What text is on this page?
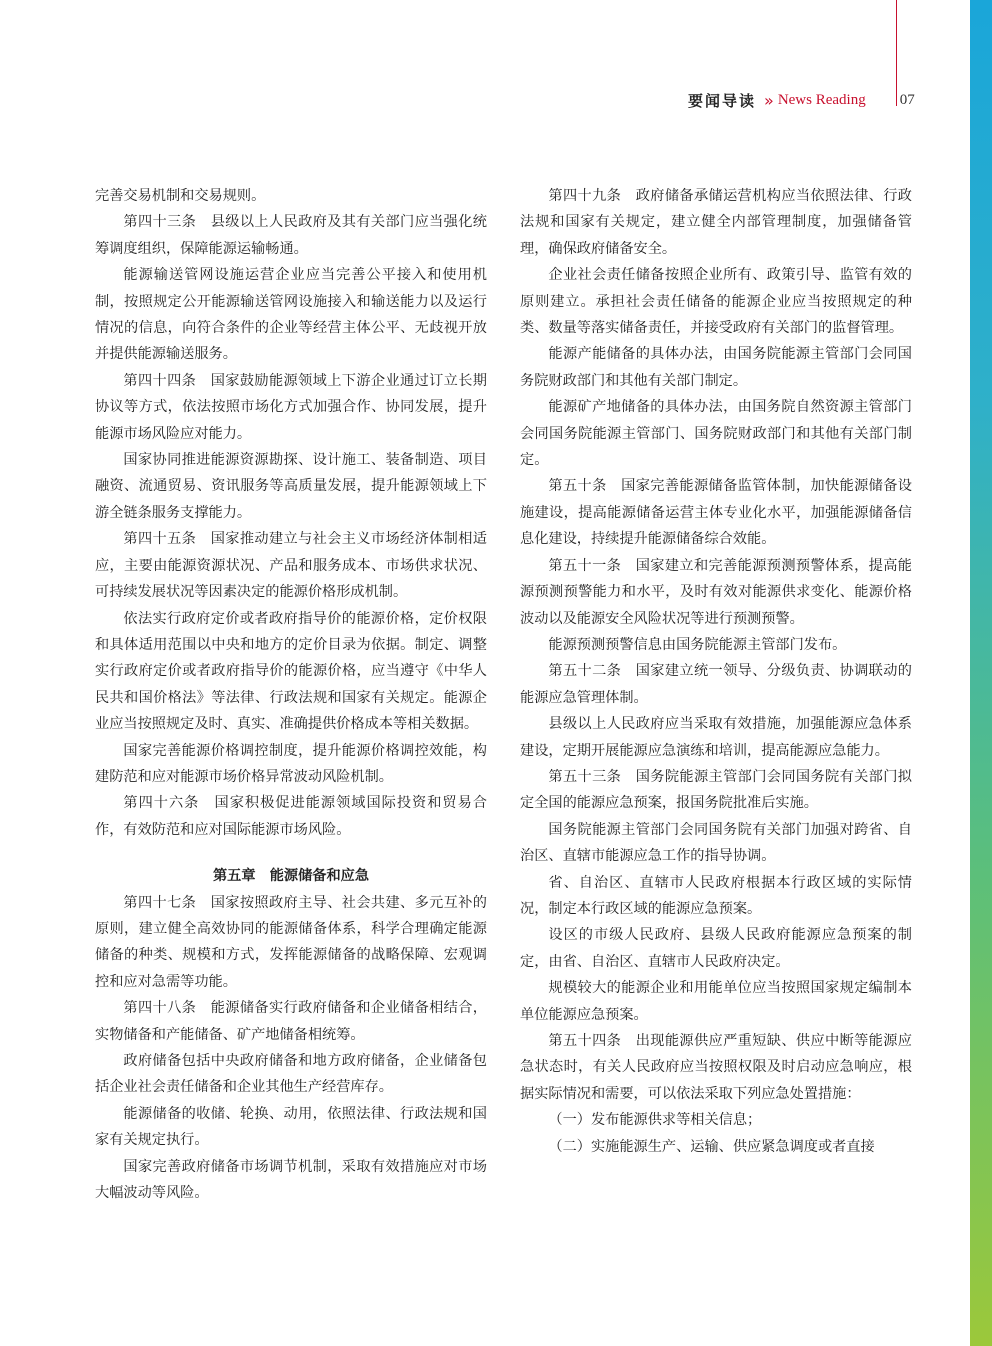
要闻导读 » News Reading 07

完善交易机制和交易规则。

第四十三条　县级以上人民政府及其有关部门应当强化统筹调度组织，保障能源运输畅通。

能源输送管网设施运营企业应当完善公平接入和使用机制，按照规定公开能源输送管网设施接入和输送能力以及运行情况的信息，向符合条件的企业等经营主体公平、无歧视开放并提供能源输送服务。

第四十四条　国家鼓励能源领域上下游企业通过订立长期协议等方式，依法按照市场化方式加强合作、协同发展，提升能源市场风险应对能力。

国家协同推进能源资源勘探、设计施工、装备制造、项目融资、流通贸易、资讯服务等高质量发展，提升能源领域上下游全链条服务支撑能力。

第四十五条　国家推动建立与社会主义市场经济体制相适应，主要由能源资源状况、产品和服务成本、市场供求状况、可持续发展状况等因素决定的能源价格形成机制。

依法实行政府定价或者政府指导价的能源价格，定价权限和具体适用范围以中央和地方的定价目录为依据。制定、调整实行政府定价或者政府指导价的能源价格，应当遵守《中华人民共和国价格法》等法律、行政法规和国家有关规定。能源企业应当按照规定及时、真实、准确提供价格成本等相关数据。

国家完善能源价格调控制度，提升能源价格调控效能，构建防范和应对能源市场价格异常波动风险机制。

第四十六条　国家积极促进能源领域国际投资和贸易合作，有效防范和应对国际能源市场风险。

第五章　能源储备和应急

第四十七条　国家按照政府主导、社会共建、多元互补的原则，建立健全高效协同的能源储备体系，科学合理确定能源储备的种类、规模和方式，发挥能源储备的战略保障、宏观调控和应对急需等功能。

第四十八条　能源储备实行政府储备和企业储备相结合，实物储备和产能储备、矿产地储备相统筹。

政府储备包括中央政府储备和地方政府储备，企业储备包括企业社会责任储备和企业其他生产经营库存。

能源储备的收储、轮换、动用，依照法律、行政法规和国家有关规定执行。

国家完善政府储备市场调节机制，采取有效措施应对市场大幅波动等风险。

第四十九条　政府储备承储运营机构应当依照法律、行政法规和国家有关规定，建立健全内部管理制度，加强储备管理，确保政府储备安全。

企业社会责任储备按照企业所有、政策引导、监管有效的原则建立。承担社会责任储备的能源企业应当按照规定的种类、数量等落实储备责任，并接受政府有关部门的监督管理。

能源产能储备的具体办法，由国务院能源主管部门会同国务院财政部门和其他有关部门制定。

能源矿产地储备的具体办法，由国务院自然资源主管部门会同国务院能源主管部门、国务院财政部门和其他有关部门制定。

第五十条　国家完善能源储备监管体制，加快能源储备设施建设，提高能源储备运营主体专业化水平，加强能源储备信息化建设，持续提升能源储备综合效能。

第五十一条　国家建立和完善能源预测预警体系，提高能源预测预警能力和水平，及时有效对能源供求变化、能源价格波动以及能源安全风险状况等进行预测预警。

能源预测预警信息由国务院能源主管部门发布。

第五十二条　国家建立统一领导、分级负责、协调联动的能源应急管理体制。

县级以上人民政府应当采取有效措施，加强能源应急体系建设，定期开展能源应急演练和培训，提高能源应急能力。

第五十三条　国务院能源主管部门会同国务院有关部门拟定全国的能源应急预案，报国务院批准后实施。

国务院能源主管部门会同国务院有关部门加强对跨省、自治区、直辖市能源应急工作的指导协调。

省、自治区、直辖市人民政府根据本行政区域的实际情况，制定本行政区域的能源应急预案。

设区的市级人民政府、县级人民政府能源应急预案的制定，由省、自治区、直辖市人民政府决定。

规模较大的能源企业和用能单位应当按照国家规定编制本单位能源应急预案。

第五十四条　出现能源供应严重短缺、供应中断等能源应急状态时，有关人民政府应当按照权限及时启动应急响应，根据实际情况和需要，可以依法采取下列应急处置措施：

（一）发布能源供求等相关信息；

（二）实施能源生产、运输、供应紧急调度或者直接
